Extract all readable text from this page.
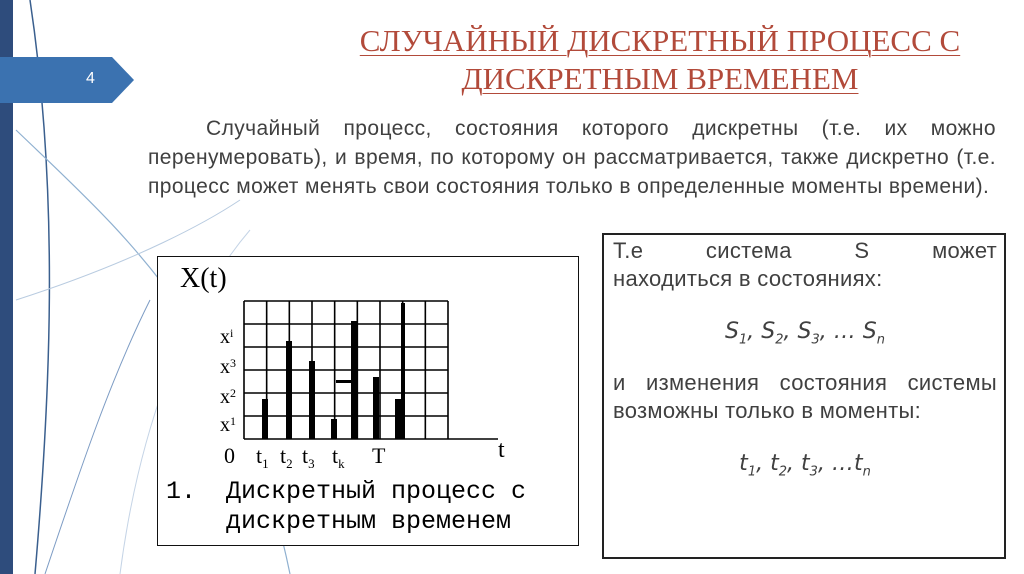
4
СЛУЧАЙНЫЙ ДИСКРЕТНЫЙ ПРОЦЕСС С ДИСКРЕТНЫМ ВРЕМЕНЕМ
Случайный процесс, состояния которого дискретны (т.е. их можно перенумеровать), и время, по которому он рассматривается, также дискретно (т.е. процесс может менять свои состояния только в определенные моменты времени).
X(t)
$x^i$
$x^3$
$x^2$
$x^1$
$t_1$ $t_2$ $t_3$ $t_k$ T
0	t
1.  Дискретный процесс с
дискретным временем
Т.е система S может
находиться в состояниях:
$S_1$, $S_2$, $S_3$, … $S_n$
и изменения состояния системы возможны только в моменты:
$t_1$, $t_2$, $t_3$, $\dots t_n$
